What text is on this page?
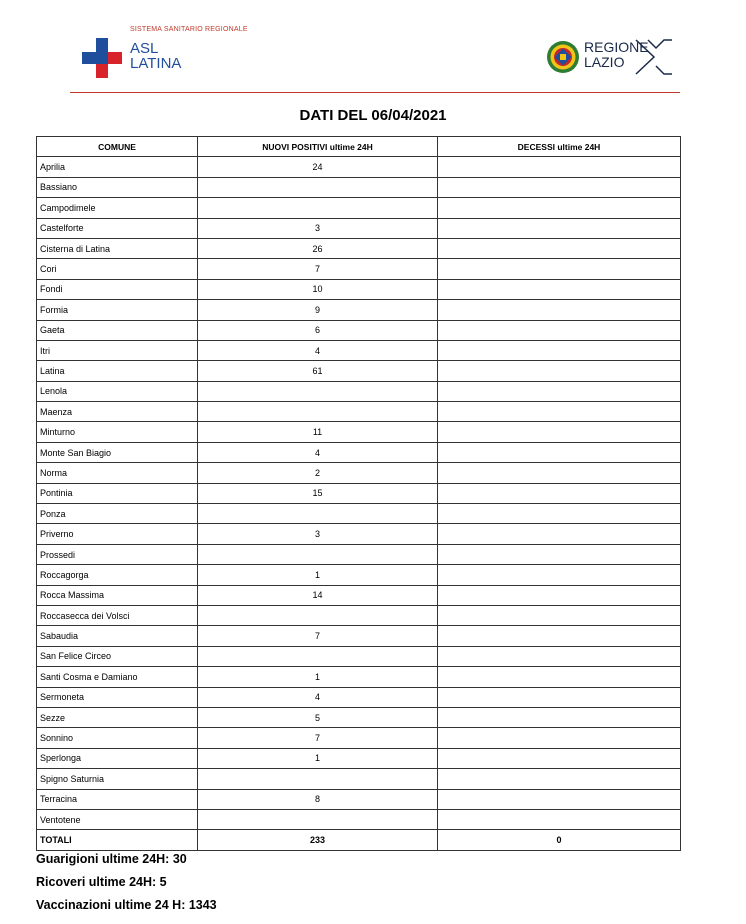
SISTEMA SANITARIO REGIONALE
ASL
LATINA
REGIONE
LAZIO
DATI DEL 06/04/2021
COMUNE	NUOVI POSITIVI ultime 24H	DECESSI ultime 24H
Aprilia	24	
Bassiano		
Campodimele		
Castelforte	3	
Cisterna di Latina	26	
Cori	7	
Fondi	10	
Formia	9	
Gaeta	6	
Itri	4	
Latina	61	
Lenola		
Maenza		
Minturno	11	
Monte San Biagio	4	
Norma	2	
Pontinia	15	
Ponza		
Priverno	3	
Prossedi		
Roccagorga	1	
Rocca Massima	14	
Roccasecca dei Volsci		
Sabaudia	7	
San Felice Circeo		
Santi Cosma e Damiano	1	
Sermoneta	4	
Sezze	5	
Sonnino	7	
Sperlonga	1	
Spigno Saturnia		
Terracina	8	
Ventotene		
TOTALI	233	0
Guarigioni ultime 24H: 30
Ricoveri ultime 24H: 5
Vaccinazioni ultime 24 H: 1343
